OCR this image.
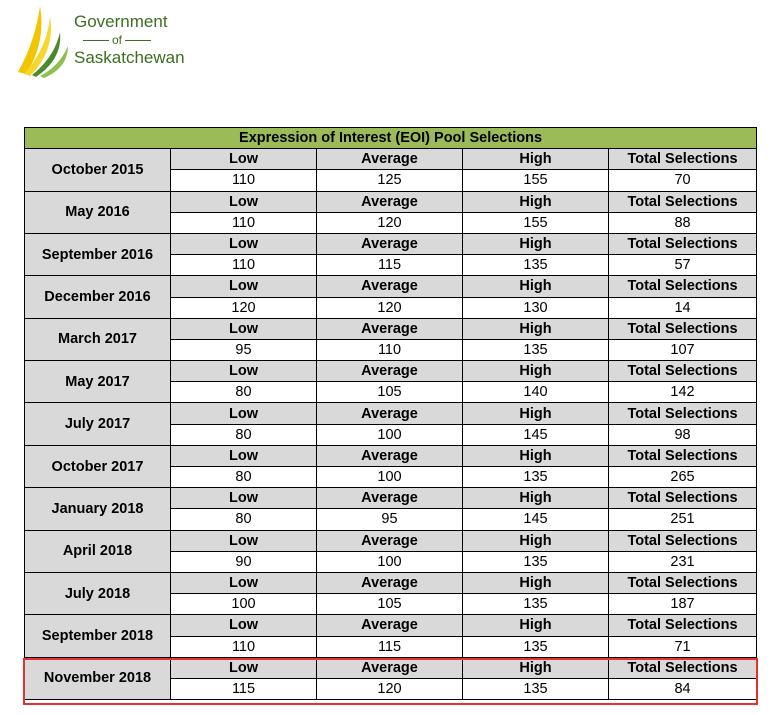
Government
of
Saskatchewan
Expression of Interest (EOI) Pool Selections				
October 2015	Low	Average	High	Total Selections
	110	125	155	70
May 2016	Low	Average	High	Total Selections
	110	120	155	88
September 2016	Low	Average	High	Total Selections
	110	115	135	57
December 2016	Low	Average	High	Total Selections
	120	120	130	14
March 2017	Low	Average	High	Total Selections
	95	110	135	107
May 2017	Low	Average	High	Total Selections
	80	105	140	142
July 2017	Low	Average	High	Total Selections
	80	100	145	98
October 2017	Low	Average	High	Total Selections
	80	100	135	265
January 2018	Low	Average	High	Total Selections
	80	95	145	251
April 2018	Low	Average	High	Total Selections
	90	100	135	231
July 2018	Low	Average	High	Total Selections
	100	105	135	187
September 2018	Low	Average	High	Total Selections
	110	115	135	71
November 2018	Low	Average	High	Total Selections
	115	120	135	84
